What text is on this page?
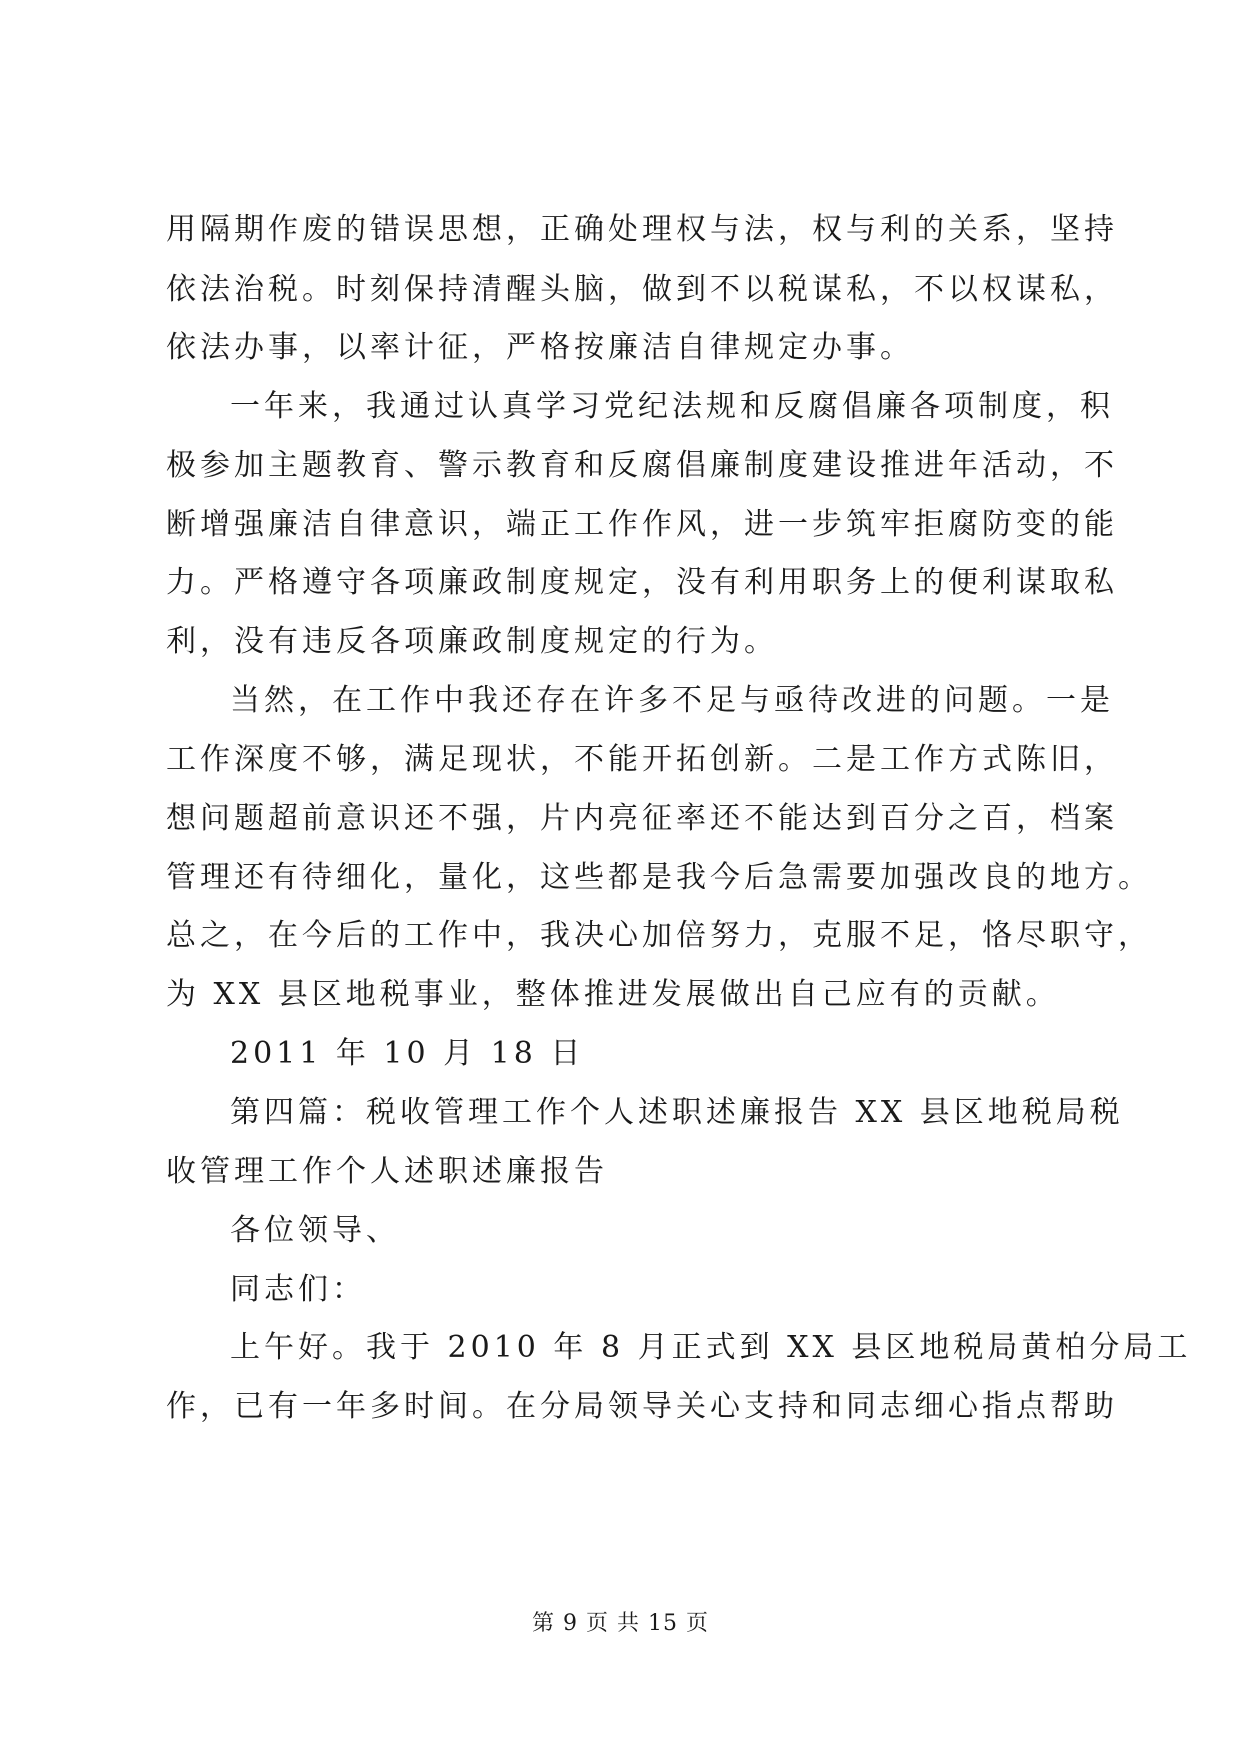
用隔期作废的错误思想，正确处理权与法，权与利的关系，坚持
依法治税。时刻保持清醒头脑，做到不以税谋私，不以权谋私，
依法办事，以率计征，严格按廉洁自律规定办事。
一年来，我通过认真学习党纪法规和反腐倡廉各项制度，积
极参加主题教育、警示教育和反腐倡廉制度建设推进年活动，不
断增强廉洁自律意识，端正工作作风，进一步筑牢拒腐防变的能
力。严格遵守各项廉政制度规定，没有利用职务上的便利谋取私
利，没有违反各项廉政制度规定的行为。
当然，在工作中我还存在许多不足与亟待改进的问题。一是
工作深度不够，满足现状，不能开拓创新。二是工作方式陈旧，
想问题超前意识还不强，片内亮征率还不能达到百分之百，档案
管理还有待细化，量化，这些都是我今后急需要加强改良的地方。
总之，在今后的工作中，我决心加倍努力，克服不足，恪尽职守，
为 XX 县区地税事业，整体推进发展做出自己应有的贡献。
2011 年 10 月 18 日
第四篇：税收管理工作个人述职述廉报告 XX 县区地税局税
收管理工作个人述职述廉报告
各位领导、
同志们：
上午好。我于 2010 年 8 月正式到 XX 县区地税局黄柏分局工
作，已有一年多时间。在分局领导关心支持和同志细心指点帮助
第 9 页 共 15 页
